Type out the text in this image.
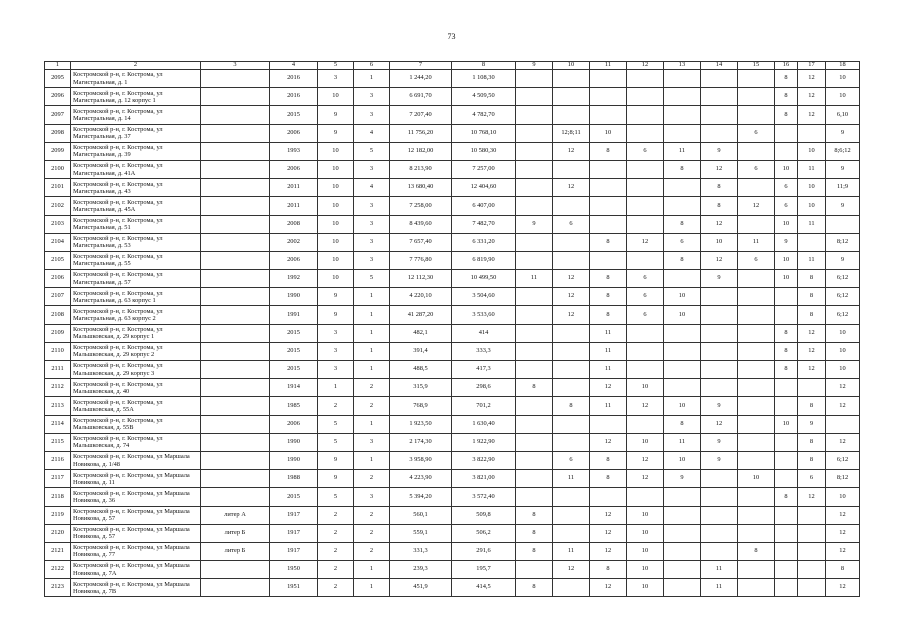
73
1	2	3	4	5	6	7	8	9	10	11	12	13	14	15	16	17	18
2095	Костромской р-н, г. Кострома, ул Магистральная, д. 1		2016	3	1	1 244,20	1 108,30								8	12	10
2096	Костромской р-н, г. Кострома, ул Магистральная, д. 12 корпус 1		2016	10	3	6 691,70	4 509,50								8	12	10
2097	Костромской р-н, г. Кострома, ул Магистральная, д. 14		2015	9	3	7 207,40	4 782,70								8	12	6,10
2098	Костромской р-н, г. Кострома, ул Магистральная, д. 37		2006	9	4	11 756,20	10 768,10		12;8;11	10				6			9
2099	Костромской р-н, г. Кострома, ул Магистральная, д. 39		1993	10	5	12 182,00	10 580,30		12	8	6	11	9			10	8;6;12
2100	Костромской р-н, г. Кострома, ул Магистральная, д. 41А		2006	10	3	8 213,90	7 257,00					8	12	6	10	11	9
2101	Костромской р-н, г. Кострома, ул Магистральная, д. 43		2011	10	4	13 680,40	12 404,60		12				8		6	10	11;9
2102	Костромской р-н, г. Кострома, ул Магистральная, д. 45А		2011	10	3	7 258,00	6 407,00						8	12	6	10	9
2103	Костромской р-н, г. Кострома, ул Магистральная, д. 51		2008	10	3	8 439,60	7 482,70	9	6			8	12		10	11	
2104	Костромской р-н, г. Кострома, ул Магистральная, д. 53		2002	10	3	7 657,40	6 331,20			8	12	6	10	11	9		8;12
2105	Костромской р-н, г. Кострома, ул Магистральная, д. 55		2006	10	3	7 776,80	6 819,90					8	12	6	10	11	9
2106	Костромской р-н, г. Кострома, ул Магистральная, д. 57		1992	10	5	12 112,30	10 499,50	11	12	8	6		9		10	8	6;12
2107	Костромской р-н, г. Кострома, ул Магистральная, д. 63 корпус 1		1990	9	1	4 220,10	3 504,60		12	8	6	10				8	6;12
2108	Костромской р-н, г. Кострома, ул Магистральная, д. 63 корпус 2		1991	9	1	41 287,20	3 533,60		12	8	6	10				8	6;12
2109	Костромской р-н, г. Кострома, ул Мальшковская, д. 29 корпус 1		2015	3	1	482,1	414			11					8	12	10
2110	Костромской р-н, г. Кострома, ул Мальшковская, д. 29 корпус 2		2015	3	1	391,4	333,3			11					8	12	10
2111	Костромской р-н, г. Кострома, ул Мальшковская, д. 29 корпус 3		2015	3	1	488,5	417,3			11					8	12	10
2112	Костромской р-н, г. Кострома, ул Мальшковская, д. 40		1914	1	2	315,9	298,6	8		12	10						12
2113	Костромской р-н, г. Кострома, ул Мальшковская, д. 55А		1985	2	2	768,9	701,2		8	11	12	10	9			8	12
2114	Костромской р-н, г. Кострома, ул Мальшковская, д. 55В		2006	5	1	1 923,50	1 630,40					8	12		10	9	
2115	Костромской р-н, г. Кострома, ул Мальшковская, д. 74		1990	5	3	2 174,30	1 922,90			12	10	11	9			8	12
2116	Костромской р-н, г. Кострома, ул Маршала Новикова, д. 1/48		1990	9	1	3 958,90	3 822,90		6	8	12	10	9			8	6;12
2117	Костромской р-н, г. Кострома, ул Маршала Новикова, д. 11		1988	9	2	4 223,90	3 821,00		11	8	12	9		10		6	8;12
2118	Костромской р-н, г. Кострома, ул Маршала Новикова, д. 36		2015	5	3	5 394,20	3 572,40								8	12	10
2119	Костромской р-н, г. Кострома, ул Маршала Новикова, д. 57	литер А	1917	2	2	560,1	509,8	8		12	10						12
2120	Костромской р-н, г. Кострома, ул Маршала Новикова, д. 57	литер Б	1917	2	2	559,1	506,2	8		12	10						12
2121	Костромской р-н, г. Кострома, ул Маршала Новикова, д. 77	литер Б	1917	2	2	331,3	291,6	8	11	12	10			8			12
2122	Костромской р-н, г. Кострома, ул Маршала Новикова, д. 7А		1950	2	1	239,3	195,7		12	8	10		11				8
2123	Костромской р-н, г. Кострома, ул Маршала Новикова, д. 7В		1951	2	1	451,9	414,5	8		12	10		11				12
